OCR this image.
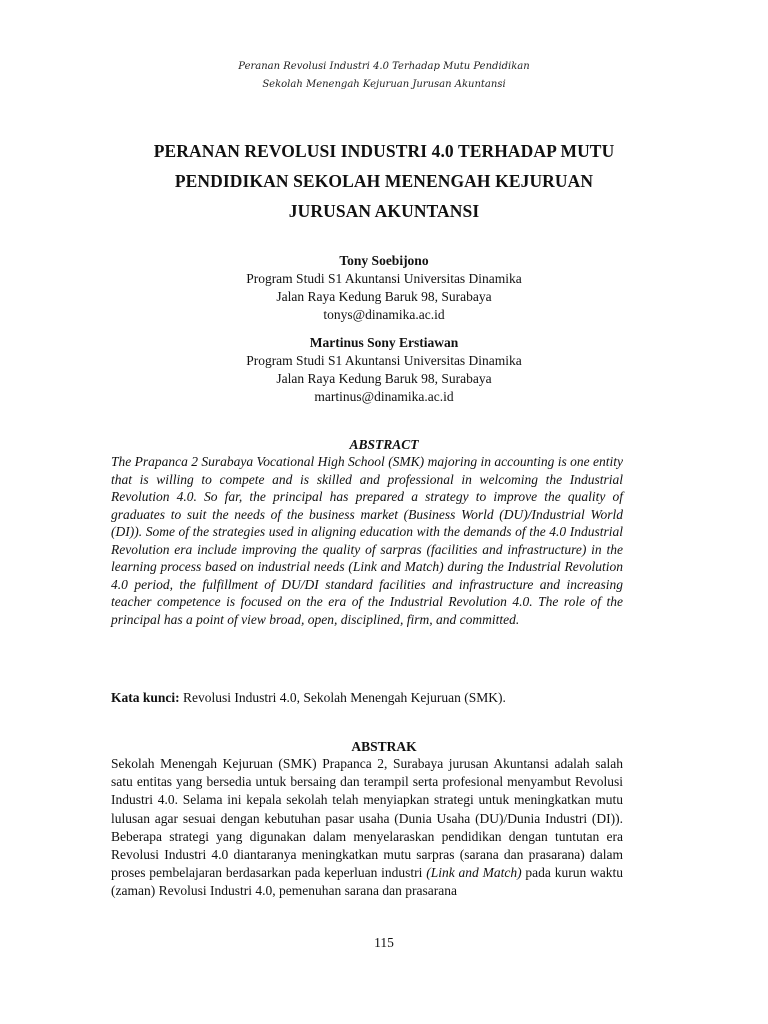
Peranan Revolusi Industri 4.0 Terhadap Mutu Pendidikan
Sekolah Menengah Kejuruan Jurusan Akuntansi
PERANAN REVOLUSI INDUSTRI 4.0 TERHADAP MUTU
PENDIDIKAN SEKOLAH MENENGAH KEJURUAN
JURUSAN AKUNTANSI
Tony Soebijono
Program Studi S1 Akuntansi Universitas Dinamika
Jalan Raya Kedung Baruk 98, Surabaya
tonys@dinamika.ac.id
Martinus Sony Erstiawan
Program Studi S1 Akuntansi Universitas Dinamika
Jalan Raya Kedung Baruk 98, Surabaya
martinus@dinamika.ac.id
ABSTRACT
The Prapanca 2 Surabaya Vocational High School (SMK) majoring in accounting is one entity that is willing to compete and is skilled and professional in welcoming the Industrial Revolution 4.0. So far, the principal has prepared a strategy to improve the quality of graduates to suit the needs of the business market (Business World (DU)/Industrial World (DI)). Some of the strategies used in aligning education with the demands of the 4.0 Industrial Revolution era include improving the quality of sarpras (facilities and infrastructure) in the learning process based on industrial needs (Link and Match) during the Industrial Revolution 4.0 period, the fulfillment of DU/DI standard facilities and infrastructure and increasing teacher competence is focused on the era of the Industrial Revolution 4.0. The role of the principal has a point of view broad, open, disciplined, firm, and committed.
Kata kunci: Revolusi Industri 4.0, Sekolah Menengah Kejuruan (SMK).
ABSTRAK
Sekolah Menengah Kejuruan (SMK) Prapanca 2, Surabaya jurusan Akuntansi adalah salah satu entitas yang bersedia untuk bersaing dan terampil serta profesional menyambut Revolusi Industri 4.0. Selama ini kepala sekolah telah menyiapkan strategi untuk meningkatkan mutu lulusan agar sesuai dengan kebutuhan pasar usaha (Dunia Usaha (DU)/Dunia Industri (DI)). Beberapa strategi yang digunakan dalam menyelaraskan pendidikan dengan tuntutan era Revolusi Industri 4.0 diantaranya meningkatkan mutu sarpras (sarana dan prasarana) dalam proses pembelajaran berdasarkan pada keperluan industri (Link and Match) pada kurun waktu (zaman) Revolusi Industri 4.0, pemenuhan sarana dan prasarana
115
